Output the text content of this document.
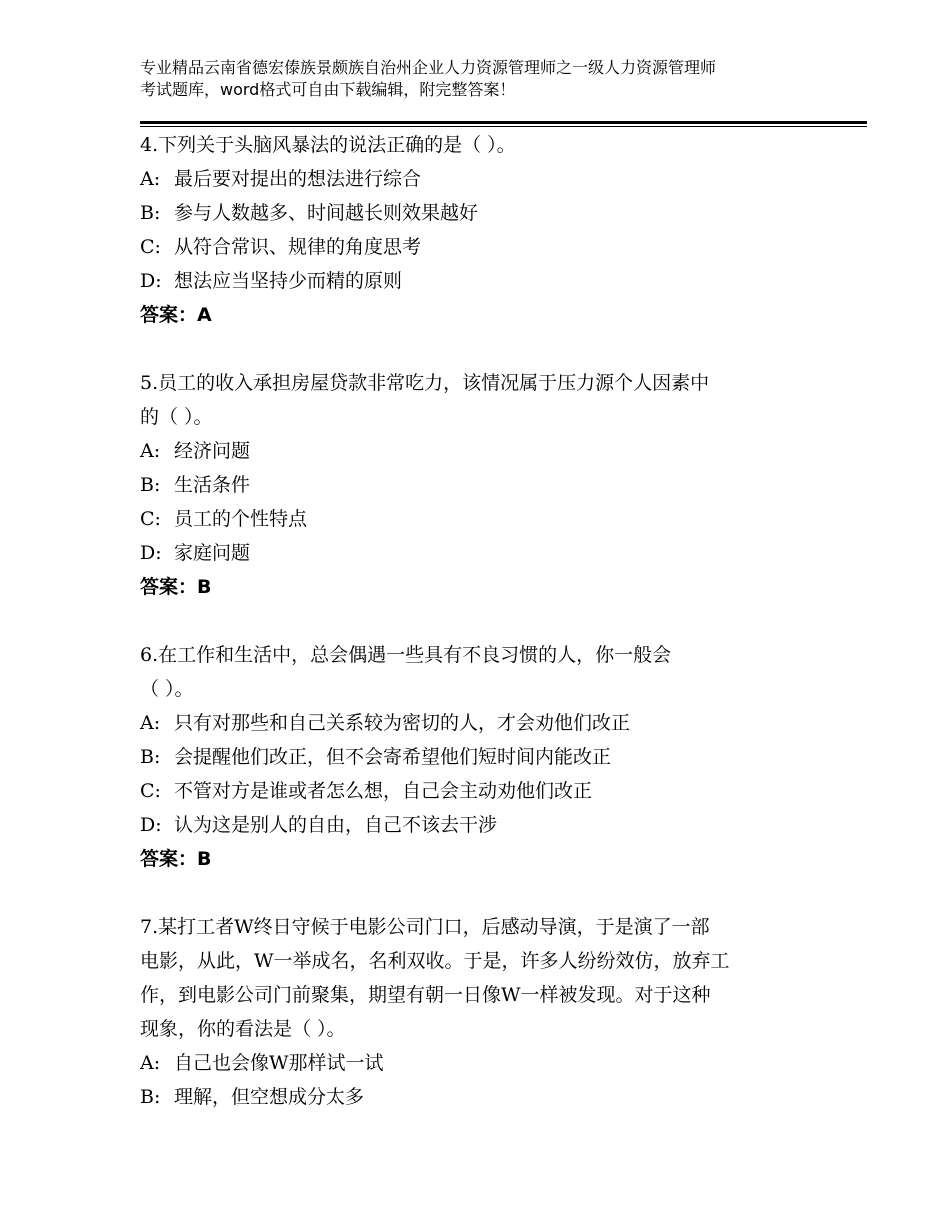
专业精品云南省德宏傣族景颇族自治州企业人力资源管理师之一级人力资源管理师
考试题库，word格式可自由下载编辑，附完整答案！

4.下列关于头脑风暴法的说法正确的是（ ）。

A: 最后要对提出的想法进行综合

B: 参与人数越多、时间越长则效果越好

C: 从符合常识、规律的角度思考

D: 想法应当坚持少而精的原则

答案：A

5.员工的收入承担房屋贷款非常吃力，该情况属于压力源个人因素中
的（ ）。

A: 经济问题

B: 生活条件

C: 员工的个性特点

D: 家庭问题

答案：B

6.在工作和生活中，总会偶遇一些具有不良习惯的人，你一般会
（ ）。

A: 只有对那些和自己关系较为密切的人，才会劝他们改正

B: 会提醒他们改正，但不会寄希望他们短时间内能改正

C: 不管对方是谁或者怎么想，自己会主动劝他们改正

D: 认为这是别人的自由，自己不该去干涉

答案：B

7.某打工者W终日守候于电影公司门口，后感动导演，于是演了一部
电影，从此，W一举成名，名利双收。于是，许多人纷纷效仿，放弃工
作，到电影公司门前聚集，期望有朝一日像W一样被发现。对于这种
现象，你的看法是（ ）。

A: 自己也会像W那样试一试

B: 理解，但空想成分太多
